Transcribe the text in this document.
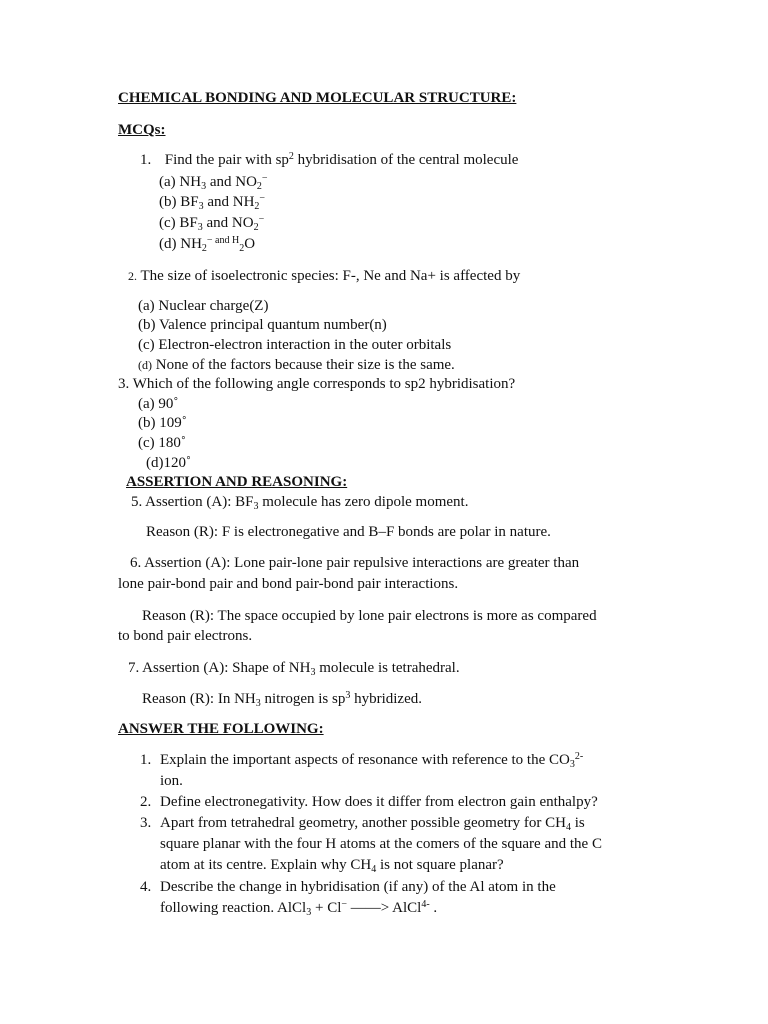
CHEMICAL BONDING AND MOLECULAR STRUCTURE:
MCQs:
1. Find the pair with $sp^2$ hybridisation of the central molecule
(a) $NH_3$ and $NO_2^-$
(b) $BF_3$ and $NH_2^-$
(c) $BF_3$ and $NO_2^-$
(d) $NH_2^{- and H}_2O$
2. The size of isoelectronic species: F-, Ne and Na+ is affected by
(a) Nuclear charge(Z)
(b) Valence principal quantum number(n)
(c) Electron-electron interaction in the outer orbitals
(d) None of the factors because their size is the same.
3. Which of the following angle corresponds to sp2 hybridisation?
(a) 90˚
(b) 109˚
(c) 180˚
(d)120˚
ASSERTION AND REASONING:
5. Assertion (A): $BF_3$ molecule has zero dipole moment.
Reason (R): F is electronegative and B–F bonds are polar in nature.
6. Assertion (A): Lone pair-lone pair repulsive interactions are greater than
lone pair-bond pair and bond pair-bond pair interactions.
Reason (R): The space occupied by lone pair electrons is more as compared
to bond pair electrons.
7. Assertion (A): Shape of $NH_3$ molecule is tetrahedral.
Reason (R): In $NH_3$ nitrogen is $sp^3$ hybridized.
ANSWER THE FOLLOWING:
1. Explain the important aspects of resonance with reference to the $CO_3^{2-}$
ion.
2. Define electronegativity. How does it differ from electron gain enthalpy?
3. Apart from tetrahedral geometry, another possible geometry for $CH_4$ is
square planar with the four H atoms at the comers of the square and the C
atom at its centre. Explain why $CH_4$ is not square planar?
4. Describe the change in hybridisation (if any) of the Al atom in the
following reaction. AlCl$_3$ + Cl− ——> AlCl$^{4-}$ .
